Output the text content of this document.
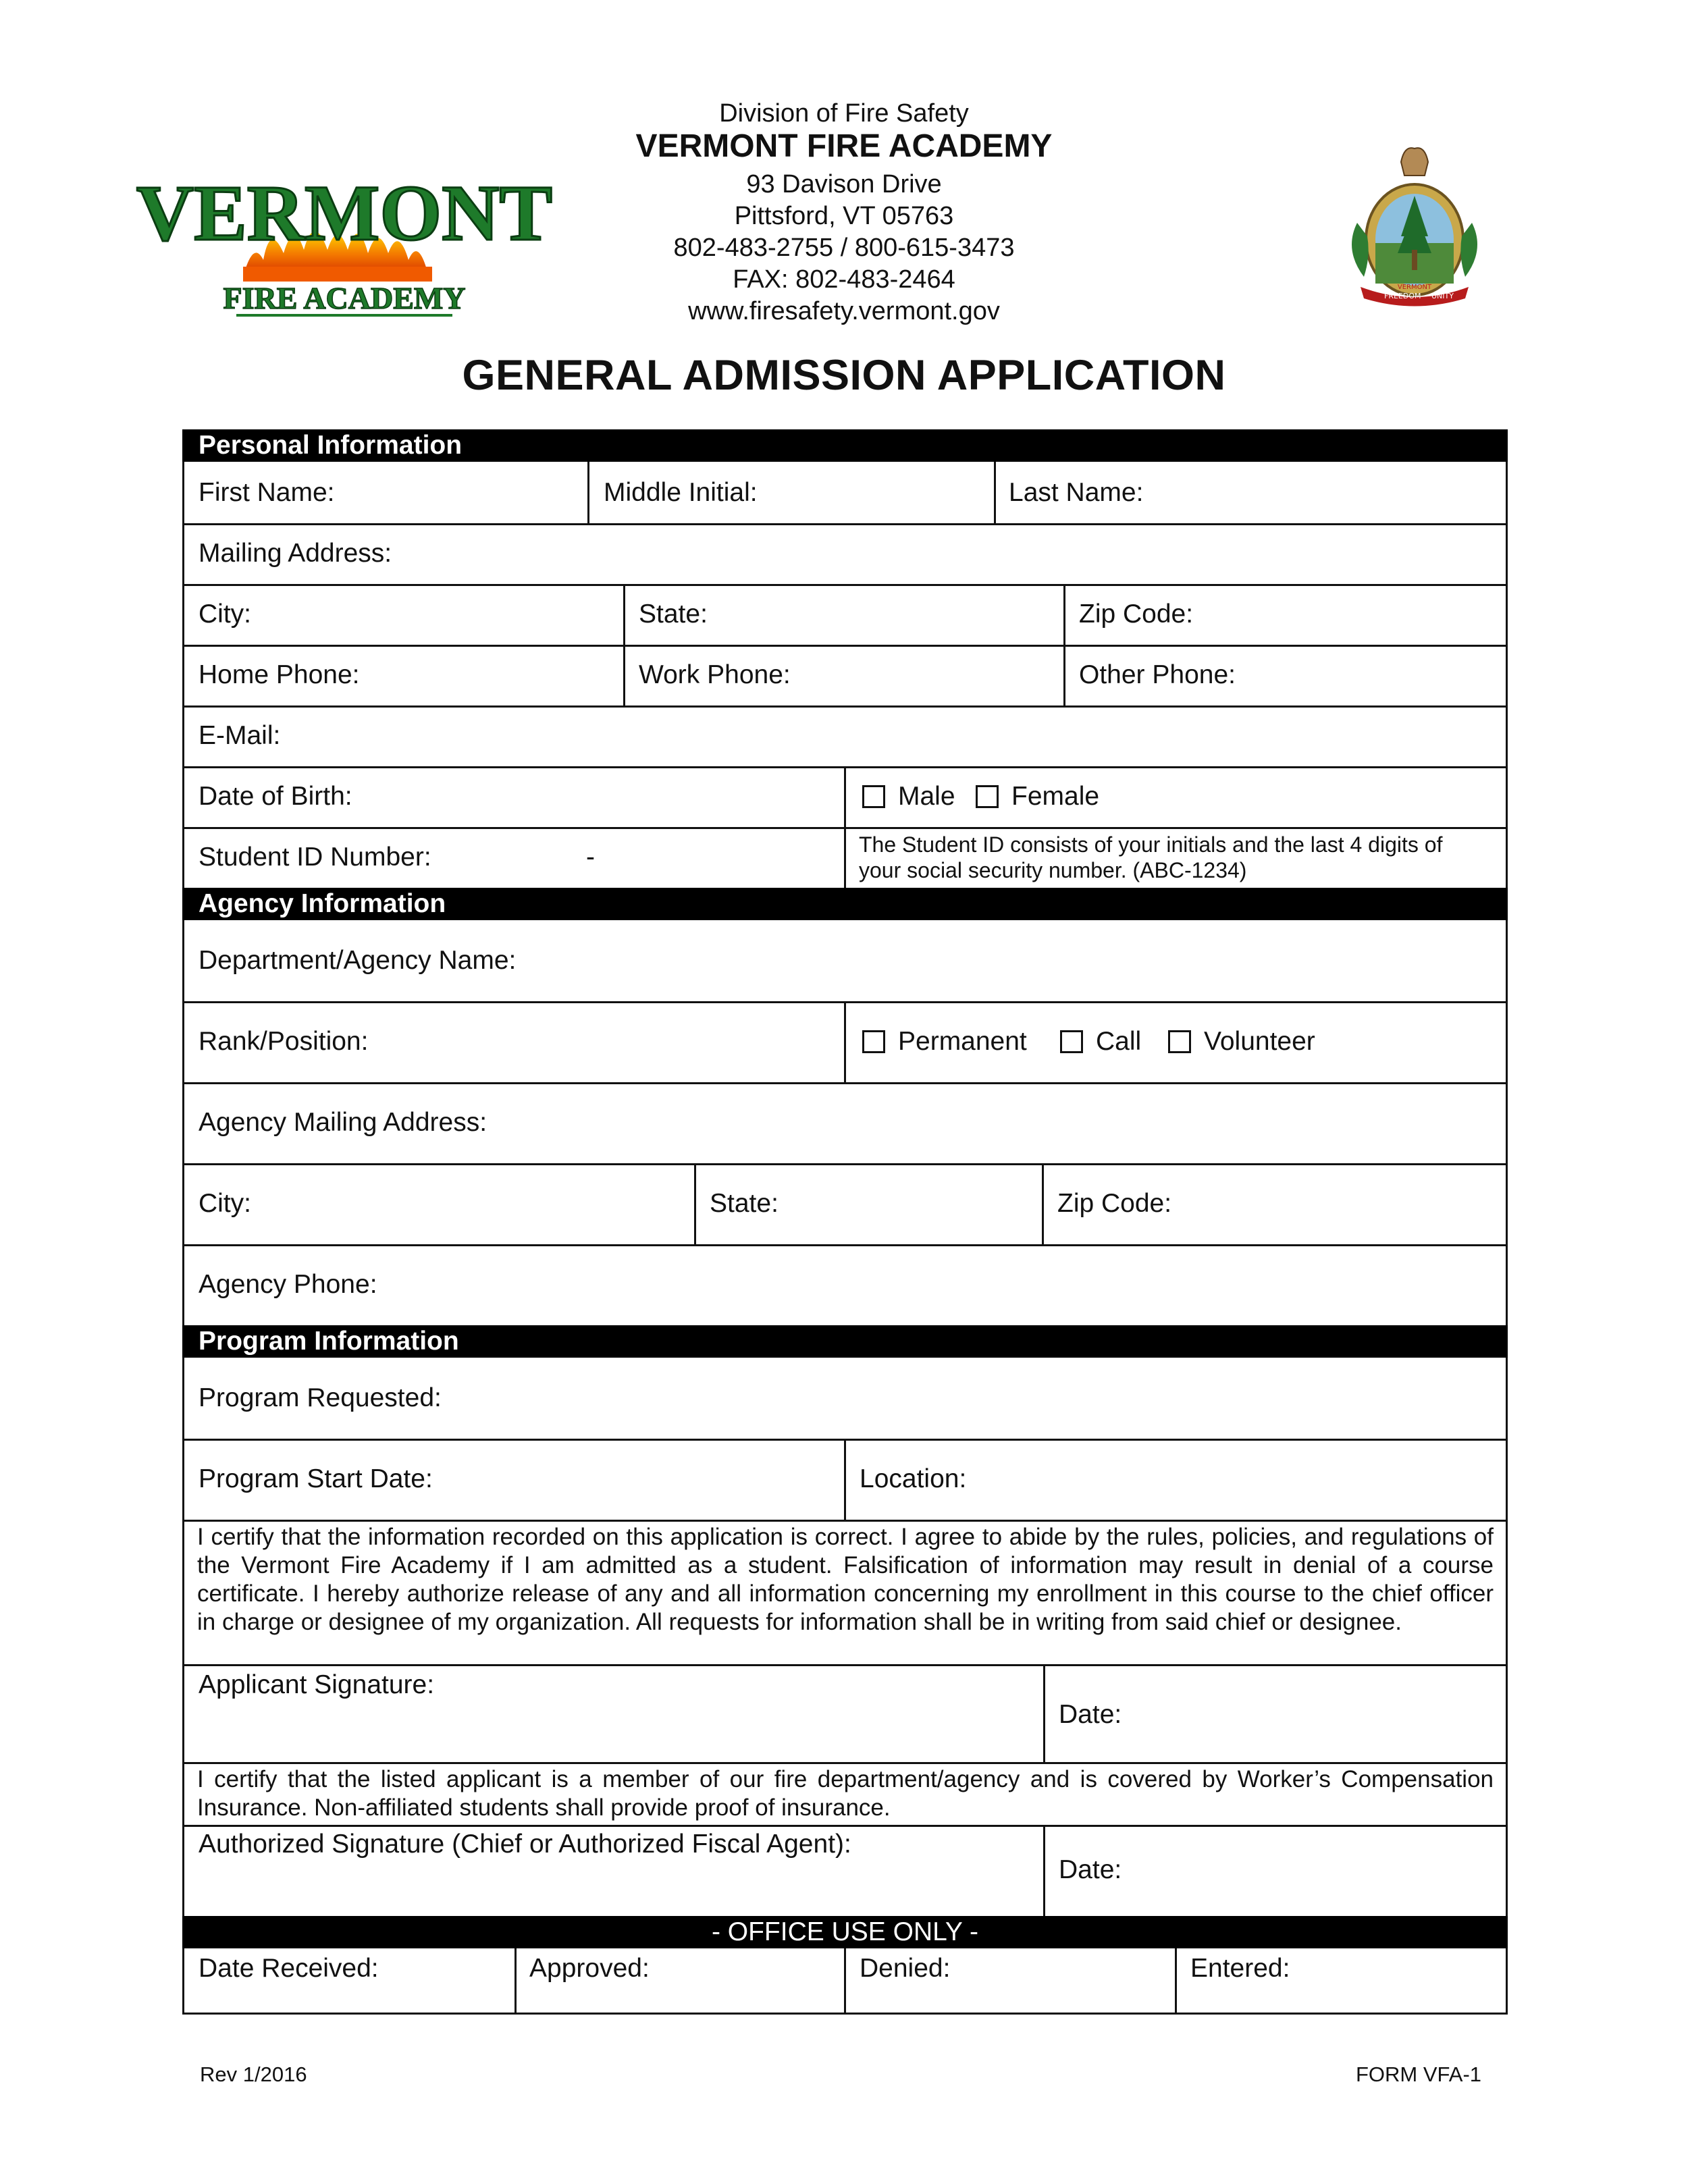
VERMONT
FIRE ACADEMY	FREEDOM UNITY
VERMONT
Division of Fire Safety
VERMONT FIRE ACADEMY
93 Davison Drive
Pittsford, VT 05763
802-483-2755 / 800-615-3473
FAX: 802-483-2464
www.firesafety.vermont.gov
GENERAL ADMISSION APPLICATION
Personal Information
First Name:	Middle Initial:	Last Name:
Mailing Address:
City:	State:	Zip Code:
Home Phone:	Work Phone:	Other Phone:
E-Mail:
Date of Birth:	Male Female
Student ID Number:	-	The Student ID consists of your initials and the last 4 digits of your social security number. (ABC-1234)
Agency Information
Department/Agency Name:
Rank/Position:	Permanent	Call Volunteer
Agency Mailing Address:
City:	State:	Zip Code:
Agency Phone:
Program Information
Program Requested:
Program Start Date:	Location:
I certify that the information recorded on this application is correct. I agree to abide by the rules, policies, and regulations of the Vermont Fire Academy if I am admitted as a student. Falsification of information may result in denial of a course certificate. I hereby authorize release of any and all information concerning my enrollment in this course to the chief officer in charge or designee of my organization. All requests for information shall be in writing from said chief or designee.
Applicant Signature:
Date:
I certify that the listed applicant is a member of our fire department/agency and is covered by Worker’s Compensation Insurance. Non-affiliated students shall provide proof of insurance.
Authorized Signature (Chief or Authorized Fiscal Agent):
Date:
- OFFICE USE ONLY -
Date Received:	Approved:	Denied:	Entered:
Rev 1/2016	FORM VFA-1
